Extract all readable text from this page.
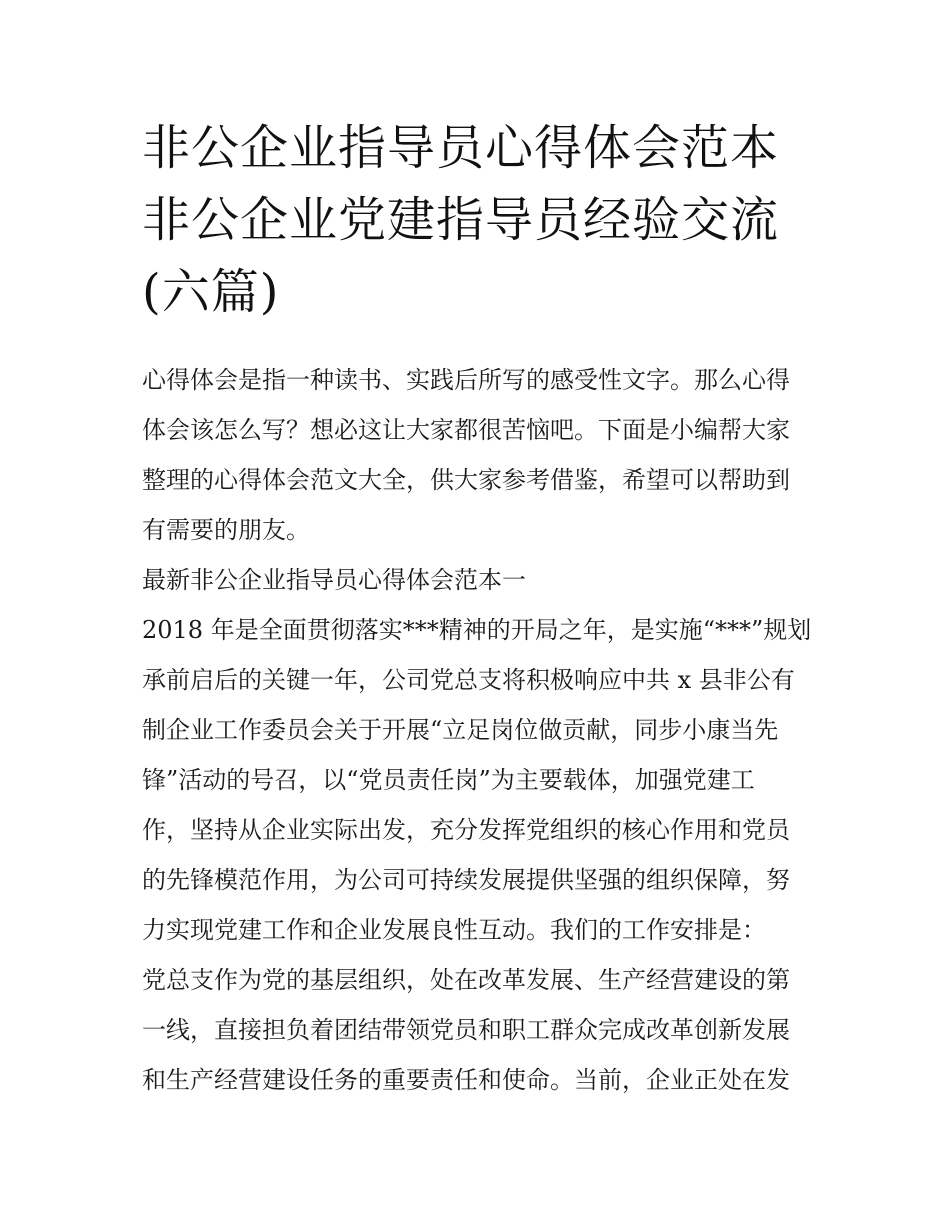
非公企业指导员心得体会范本
非公企业党建指导员经验交流
(六篇)
心得体会是指一种读书、实践后所写的感受性文字。那么心得
体会该怎么写？想必这让大家都很苦恼吧。下面是小编帮大家
整理的心得体会范文大全，供大家参考借鉴，希望可以帮助到
有需要的朋友。
最新非公企业指导员心得体会范本一
2018 年是全面贯彻落实***精神的开局之年，是实施“***”规划
承前启后的关键一年，公司党总支将积极响应中共 x 县非公有
制企业工作委员会关于开展“立足岗位做贡献，同步小康当先
锋”活动的号召，以“党员责任岗”为主要载体，加强党建工
作，坚持从企业实际出发，充分发挥党组织的核心作用和党员
的先锋模范作用，为公司可持续发展提供坚强的组织保障，努
力实现党建工作和企业发展良性互动。我们的工作安排是：
党总支作为党的基层组织，处在改革发展、生产经营建设的第
一线，直接担负着团结带领党员和职工群众完成改革创新发展
和生产经营建设任务的重要责任和使命。当前，企业正处在发
